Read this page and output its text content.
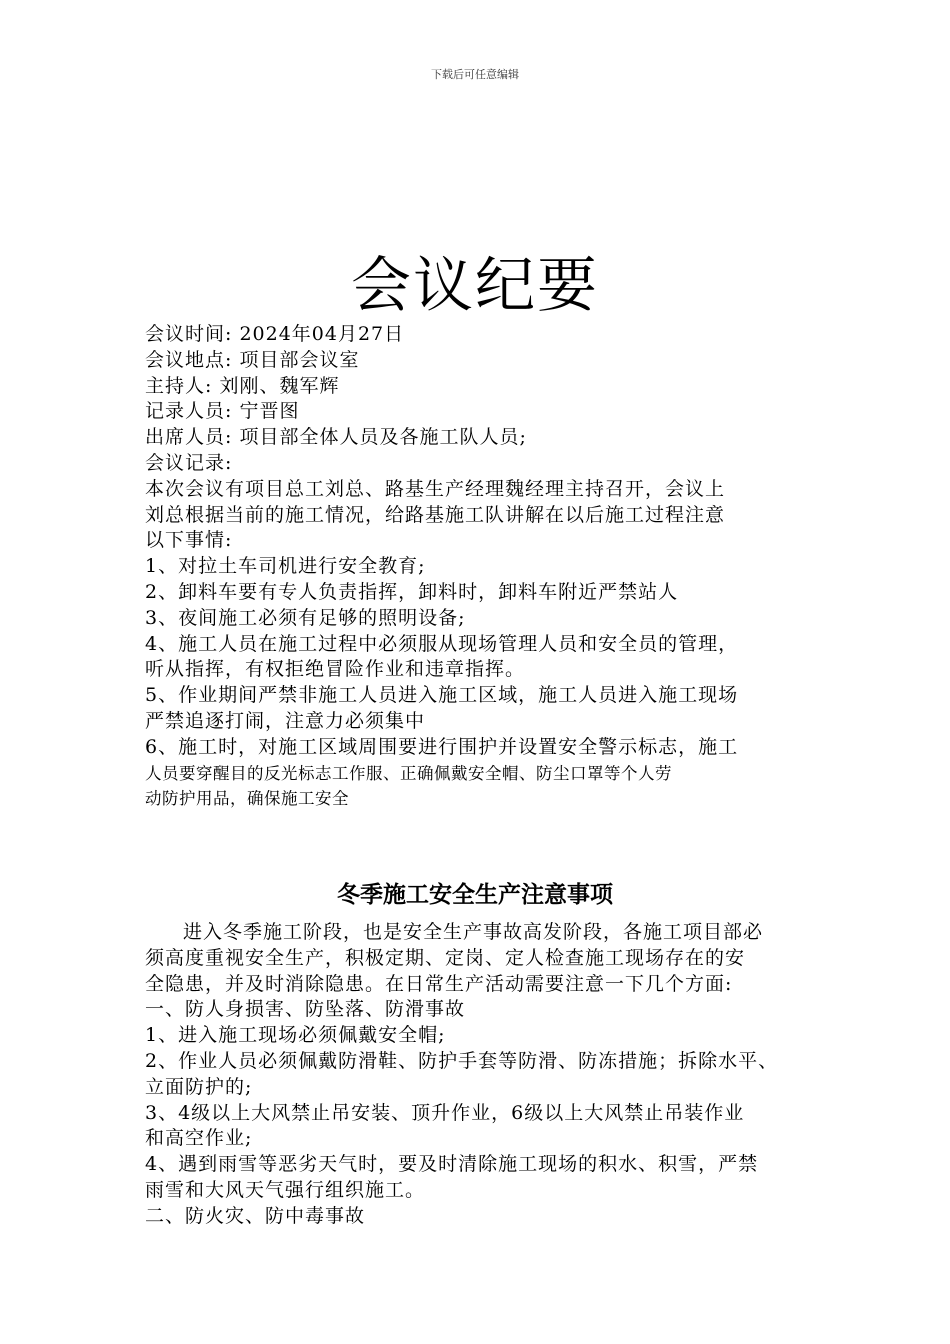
下载后可任意编辑
会议纪要
会议时间: 2024年04月27日
会议地点: 项目部会议室
主持人: 刘刚、魏军辉
记录人员: 宁晋图
出席人员: 项目部全体人员及各施工队人员;
会议记录:
本次会议有项目总工刘总、路基生产经理魏经理主持召开，会议上
刘总根据当前的施工情况，给路基施工队讲解在以后施工过程注意
以下事情:
1、对拉土车司机进行安全教育;
2、卸料车要有专人负责指挥，卸料时，卸料车附近严禁站人
3、夜间施工必须有足够的照明设备;
4、施工人员在施工过程中必须服从现场管理人员和安全员的管理，
听从指挥，有权拒绝冒险作业和违章指挥。
5、作业期间严禁非施工人员进入施工区域，施工人员进入施工现场
严禁追逐打闹，注意力必须集中
6、施工时，对施工区域周围要进行围护并设置安全警示标志，施工
人员要穿醒目的反光标志工作服、正确佩戴安全帽、防尘口罩等个人劳
动防护用品，确保施工安全
冬季施工安全生产注意事项
进入冬季施工阶段，也是安全生产事故高发阶段，各施工项目部必
须高度重视安全生产，积极定期、定岗、定人检查施工现场存在的安
全隐患，并及时消除隐患。在日常生产活动需要注意一下几个方面:
一、防人身损害、防坠落、防滑事故
1、进入施工现场必须佩戴安全帽;
2、作业人员必须佩戴防滑鞋、防护手套等防滑、防冻措施；拆除水平、
立面防护的;
3、4级以上大风禁止吊安装、顶升作业，6级以上大风禁止吊装作业
和高空作业;
4、遇到雨雪等恶劣天气时，要及时清除施工现场的积水、积雪，严禁
雨雪和大风天气强行组织施工。
二、防火灾、防中毒事故
